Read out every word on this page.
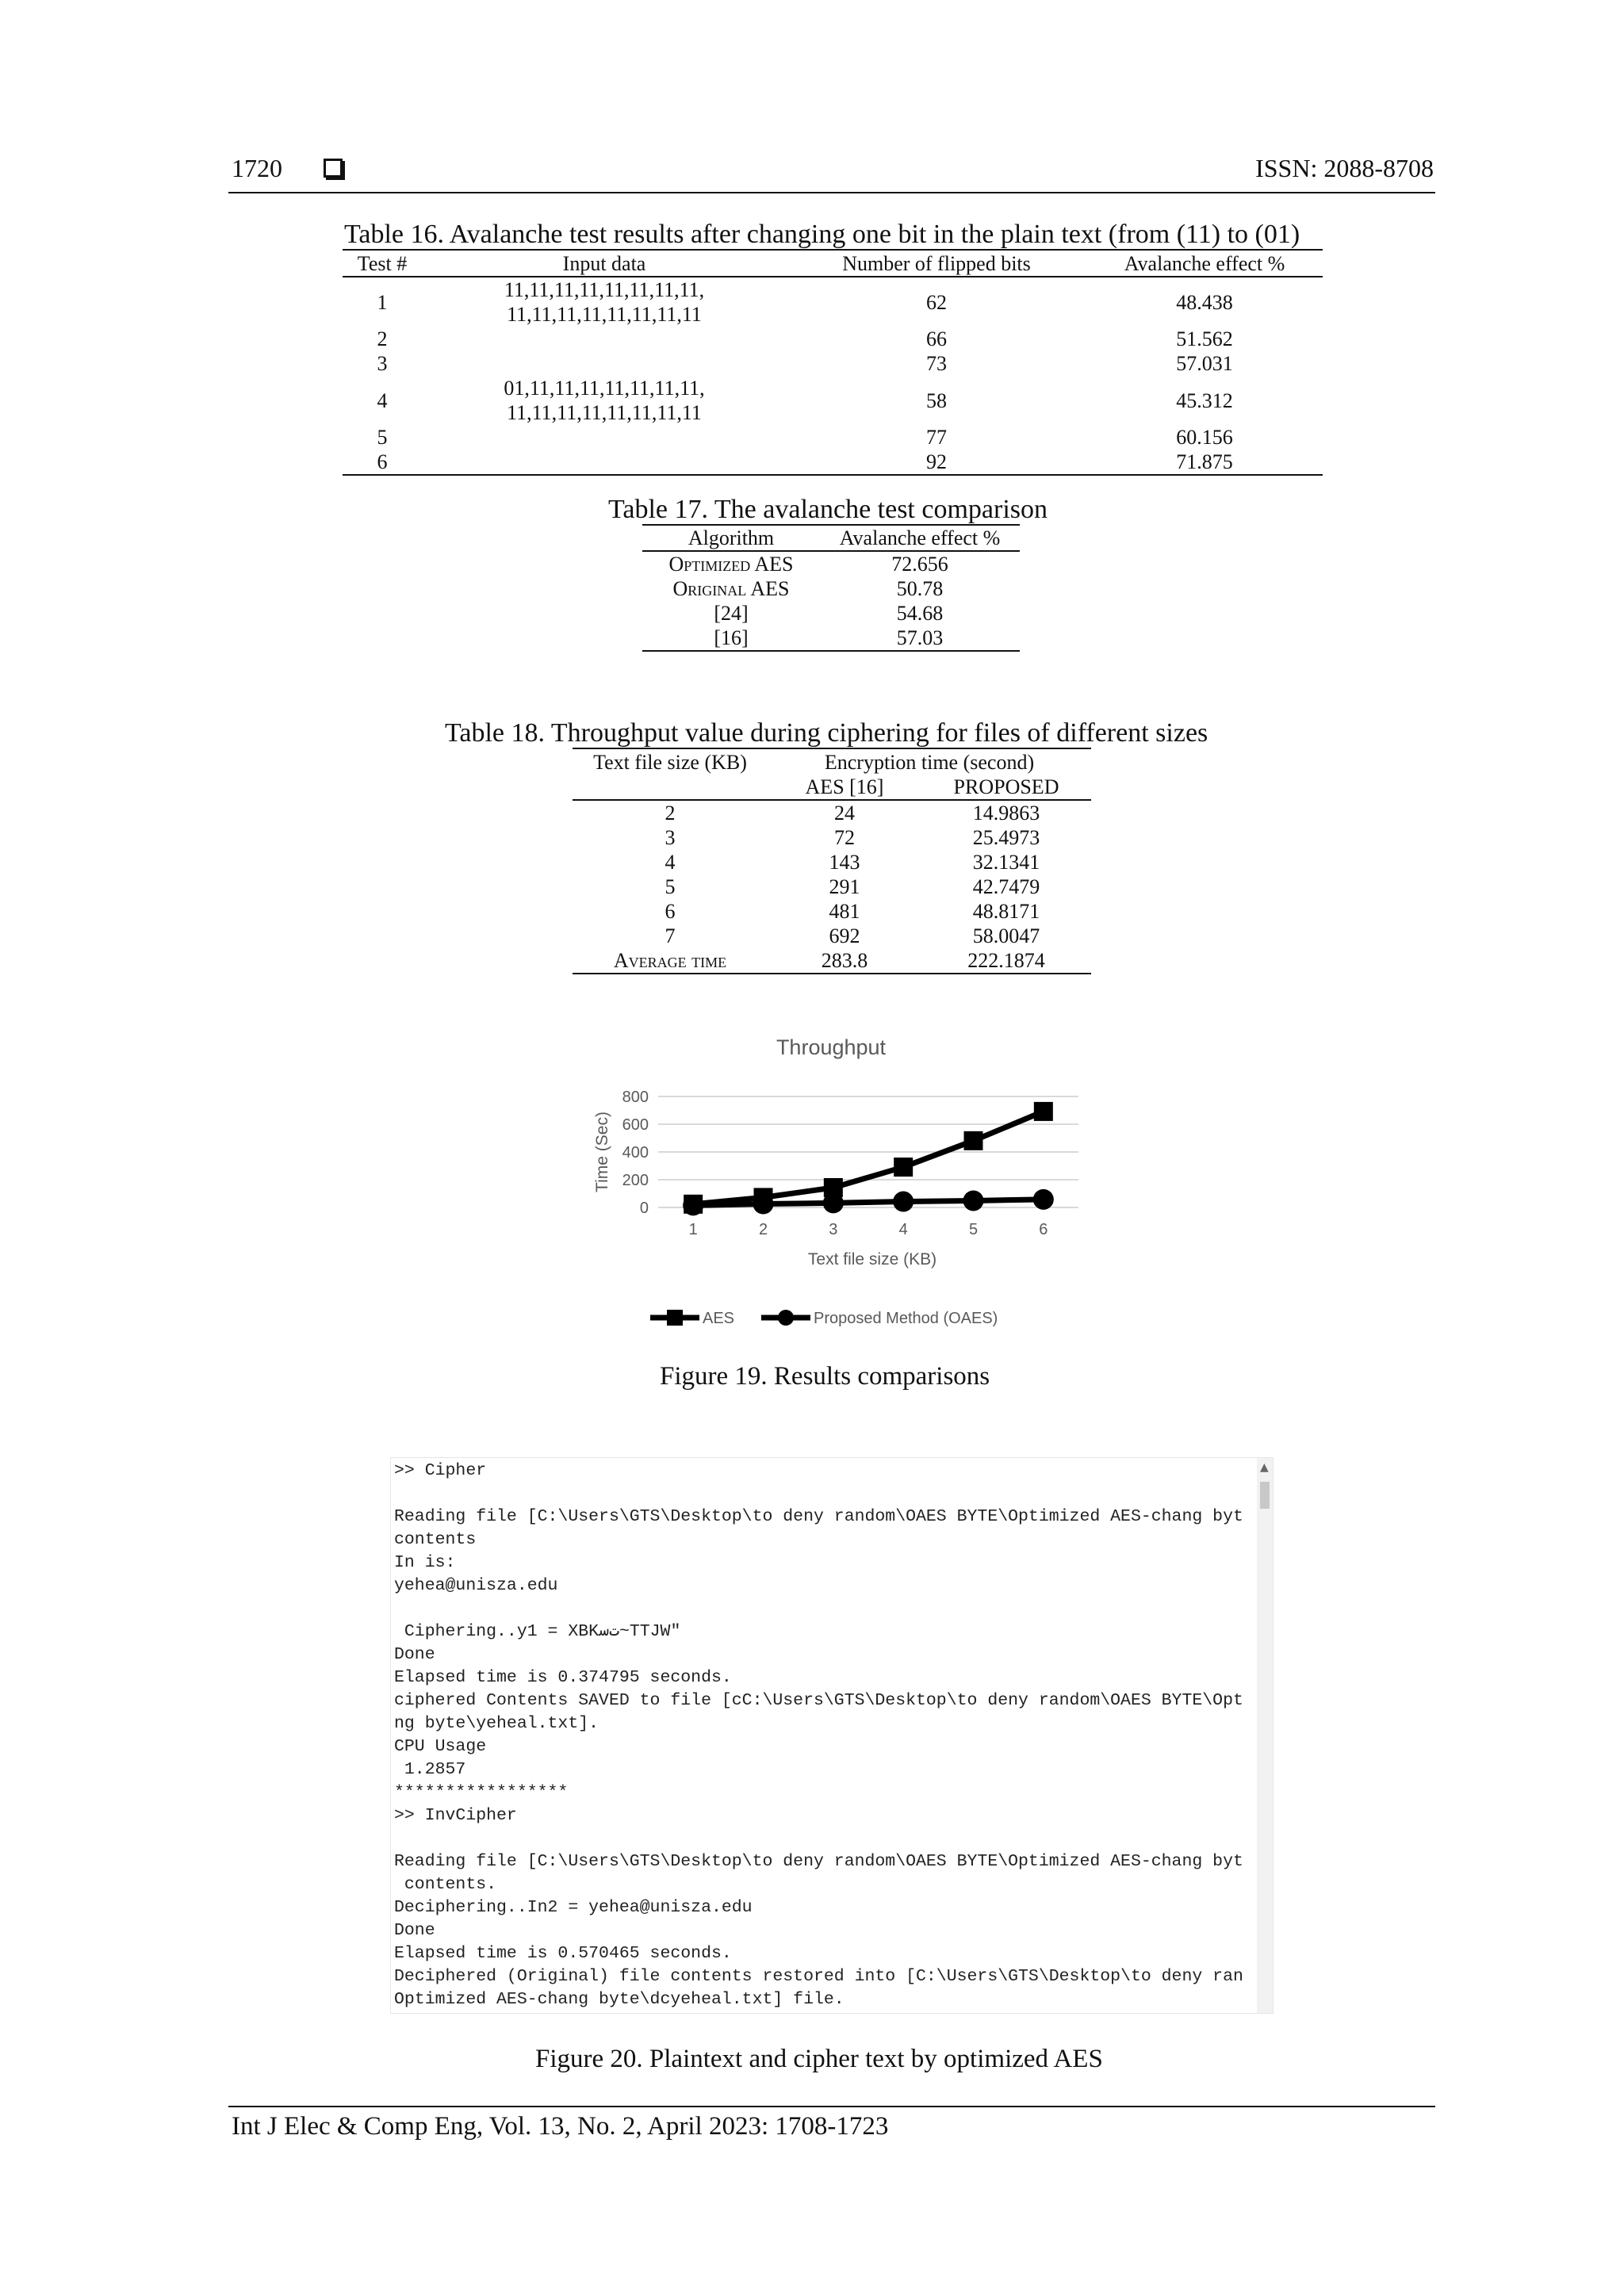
1720	ISSN: 2088-8708
Table 16. Avalanche test results after changing one bit in the plain text (from (11) to (01)
Test #	Input data	Number of flipped bits	Avalanche effect %
1	11,11,11,11,11,11,11,11, 11,11,11,11,11,11,11,11	62	48.438
2		66	51.562
3		73	57.031
4	01,11,11,11,11,11,11,11, 11,11,11,11,11,11,11,11	58	45.312
5		77	60.156
6		92	71.875
Table 17. The avalanche test comparison
Algorithm	Avalanche effect %
Optimized AES	72.656
Original AES	50.78
[24]	54.68
[16]	57.03
Table 18. Throughput value during ciphering for files of different sizes
Text file size (KB)	Encryption time (second)	
	AES [16]	PROPOSED
2	24	14.9863
3	72	25.4973
4	143	32.1341
5	291	42.7479
6	481	48.8171
7	692	58.0047
Average time	283.8	222.1874
Throughput
0
200
400
600
800
1	2	3	4	5	6
Time (Sec)
Text file size (KB)
AES	Proposed Method (OAES)
Figure 19. Results comparisons
>> Cipher
Reading file [C:\Users\GTS\Desktop\to deny random\OAES BYTE\Optimized AES-chang byt
contents
In is:
yehea@unisza.edu
Ciphering..y1 = XBKﺕﺳ~TTJW"
Done
Elapsed time is 0.374795 seconds.
ciphered Contents SAVED to file [cC:\Users\GTS\Desktop\to deny random\OAES BYTE\Opt
ng byte\yeheal.txt].
CPU Usage
1.2857
*****************
>> InvCipher
Reading file [C:\Users\GTS\Desktop\to deny random\OAES BYTE\Optimized AES-chang byt
contents.
Deciphering..In2 = yehea@unisza.edu
Done
Elapsed time is 0.570465 seconds.
Deciphered (Original) file contents restored into [C:\Users\GTS\Desktop\to deny ran
Optimized AES-chang byte\dcyeheal.txt] file.
▲
Figure 20. Plaintext and cipher text by optimized AES
Int J Elec & Comp Eng, Vol. 13, No. 2, April 2023: 1708-1723
